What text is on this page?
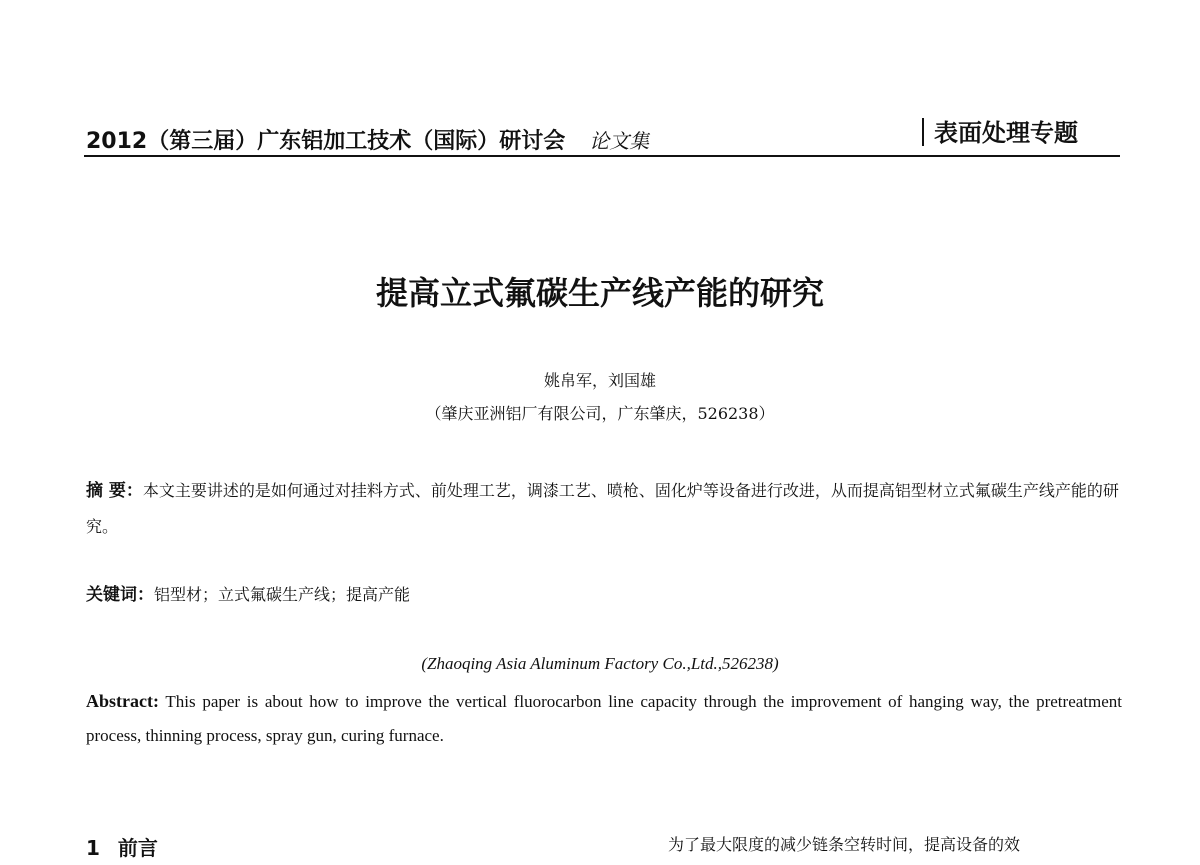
2012（第三届）广东铝加工技术（国际）研讨会 论文集	表面处理专题
提高立式氟碳生产线产能的研究
姚帛军，刘国雄
（肇庆亚洲铝厂有限公司，广东肇庆，526238）
摘 要：本文主要讲述的是如何通过对挂料方式、前处理工艺，调漆工艺、喷枪、固化炉等设备进行改进，从而提高铝型材立式氟碳生产线产能的研究。
关键词：铝型材；立式氟碳生产线；提高产能
(Zhaoqing Asia Aluminum Factory Co.,Ltd.,526238)
Abstract: This paper is about how to improve the vertical fluorocarbon line capacity through the improvement of hanging way, the pretreatment process, thinning process, spray gun, curing furnace.
1 前言	为了最大限度的减少链条空转时间，提高设备的效
